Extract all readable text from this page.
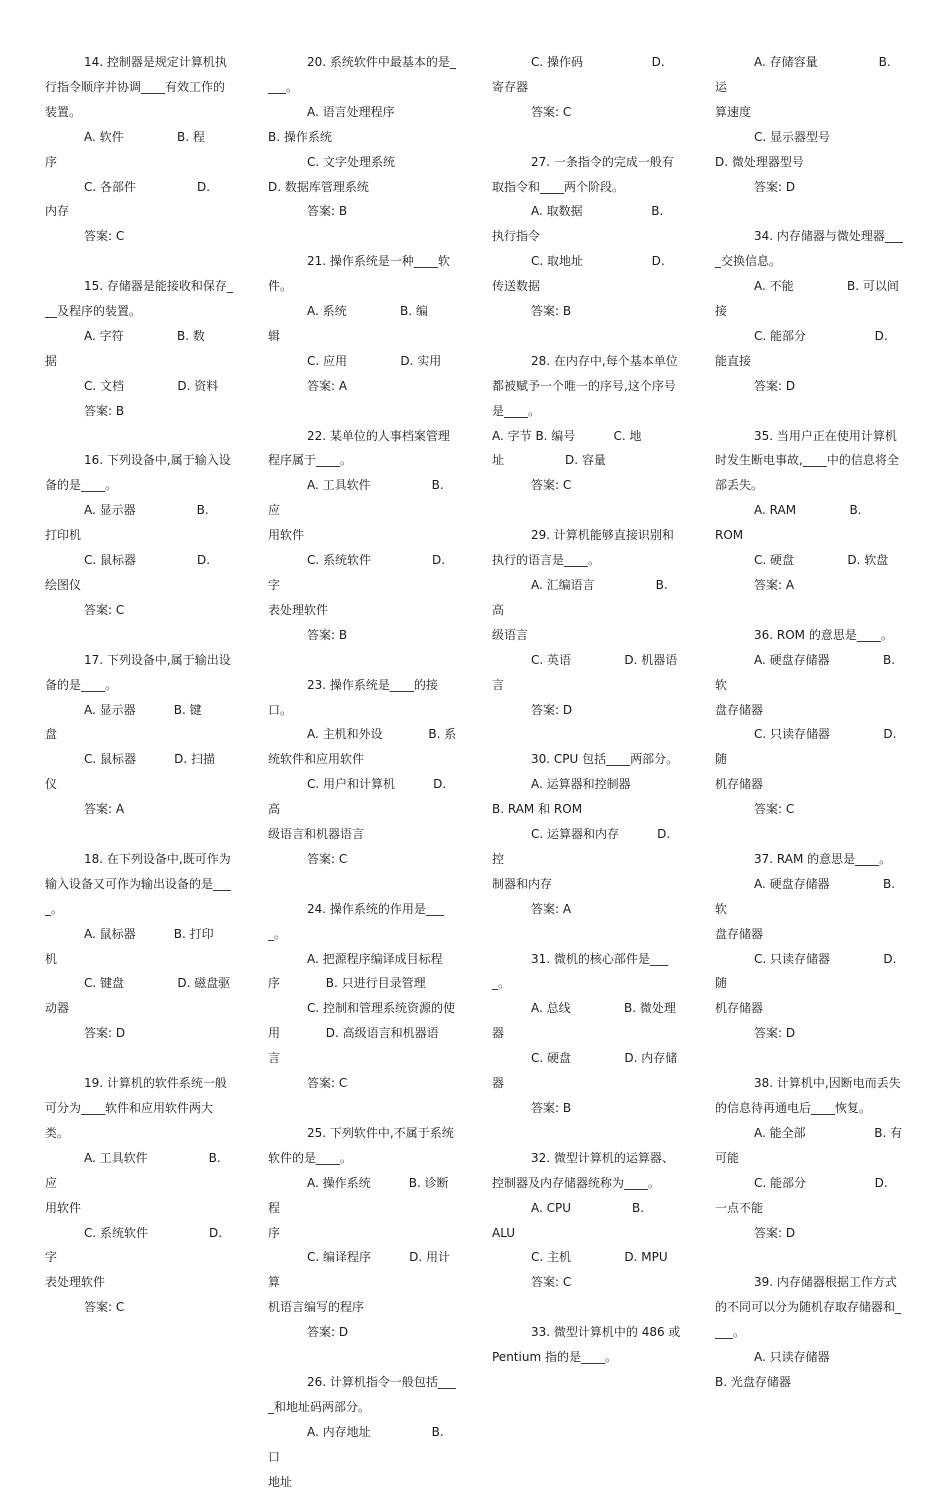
14. 控制器是规定计算机执

行指令顺序并协调____有效工作的

装置。

A. 软件              B. 程

序

C. 各部件                D.

内存

答案: C

15. 存储器是能接收和保存_

__及程序的装置。

A. 字符              B. 数

据

C. 文档              D. 资料

答案: B

16. 下列设备中,属于输入设

备的是____。

A. 显示器                B.

打印机

C. 鼠标器                D.

绘图仪

答案: C

17. 下列设备中,属于输出设

备的是____。

A. 显示器          B. 键

盘

C. 鼠标器          D. 扫描

仪

答案: A

18. 在下列设备中,既可作为

输入设备又可作为输出设备的是___

_。

A. 鼠标器          B. 打印

机

C. 键盘              D. 磁盘驱

动器

答案: D

19. 计算机的软件系统一般

可分为____软件和应用软件两大类。

A. 工具软件                B. 应

用软件

C. 系统软件                D. 字

表处理软件

答案: C

20. 系统软件中最基本的是_

___。

A. 语言处理程序

B. 操作系统

C. 文字处理系统

D. 数据库管理系统

答案: B

21. 操作系统是一种____软

件。

A. 系统              B. 编

辑

C. 应用              D. 实用

答案: A

22. 某单位的人事档案管理

程序属于____。

A. 工具软件                B. 应

用软件

C. 系统软件                D. 字

表处理软件

答案: B

23. 操作系统是____的接口。

A. 主机和外设            B. 系

统软件和应用软件

C. 用户和计算机          D. 高

级语言和机器语言

答案: C

24. 操作系统的作用是____。

A. 把源程序编译成目标程

序            B. 只进行目录管理

C. 控制和管理系统资源的使

用            D. 高级语言和机器语

言

答案: C

25. 下列软件中,不属于系统

软件的是____。

A. 操作系统          B. 诊断程

序

C. 编译程序          D. 用计算

机语言编写的程序

答案: D

26. 计算机指令一般包括___

_和地址码两部分。

A. 内存地址                B. 口

地址

C. 操作码                  D.

寄存器

答案: C

27. 一条指令的完成一般有

取指令和____两个阶段。

A. 取数据                  B.

执行指令

C. 取地址                  D.

传送数据

答案: B

28. 在内存中,每个基本单位

都被赋予一个唯一的序号,这个序号

是____。

A. 字节 B. 编号          C. 地

址                D. 容量

答案: C

29. 计算机能够直接识别和

执行的语言是____。

A. 汇编语言                B. 高

级语言

C. 英语              D. 机器语

言

答案: D

30. CPU 包括____两部分。

A. 运算器和控制器

B. RAM 和 ROM

C. 运算器和内存          D. 控

制器和内存

答案: A

31. 微机的核心部件是____。

A. 总线              B. 微处理

器

C. 硬盘              D. 内存储

器

答案: B

32. 微型计算机的运算器、

控制器及内存储器统称为____。

A. CPU                B.

ALU

C. 主机              D. MPU

答案: C

33. 微型计算机中的 486 或

Pentium 指的是____。

A. 存储容量                B. 运

算速度

C. 显示器型号

D. 微处理器型号

答案: D

34. 内存储器与微处理器___

_交换信息。

A. 不能              B. 可以间

接

C. 能部分                  D.

能直接

答案: D

35. 当用户正在使用计算机

时发生断电事故,____中的信息将全

部丢失。

A. RAM              B.

ROM

C. 硬盘              D. 软盘

答案: A

36. ROM 的意思是____。

A. 硬盘存储器              B. 软

盘存储器

C. 只读存储器              D. 随

机存储器

答案: C

37. RAM 的意思是____。

A. 硬盘存储器              B. 软

盘存储器

C. 只读存储器              D. 随

机存储器

答案: D

38. 计算机中,因断电而丢失

的信息待再通电后____恢复。

A. 能全部                  B. 有

可能

C. 能部分                  D.

一点不能

答案: D

39. 内存储器根据工作方式

的不同可以分为随机存取存储器和_

___。

A. 只读存储器

B. 光盘存储器
